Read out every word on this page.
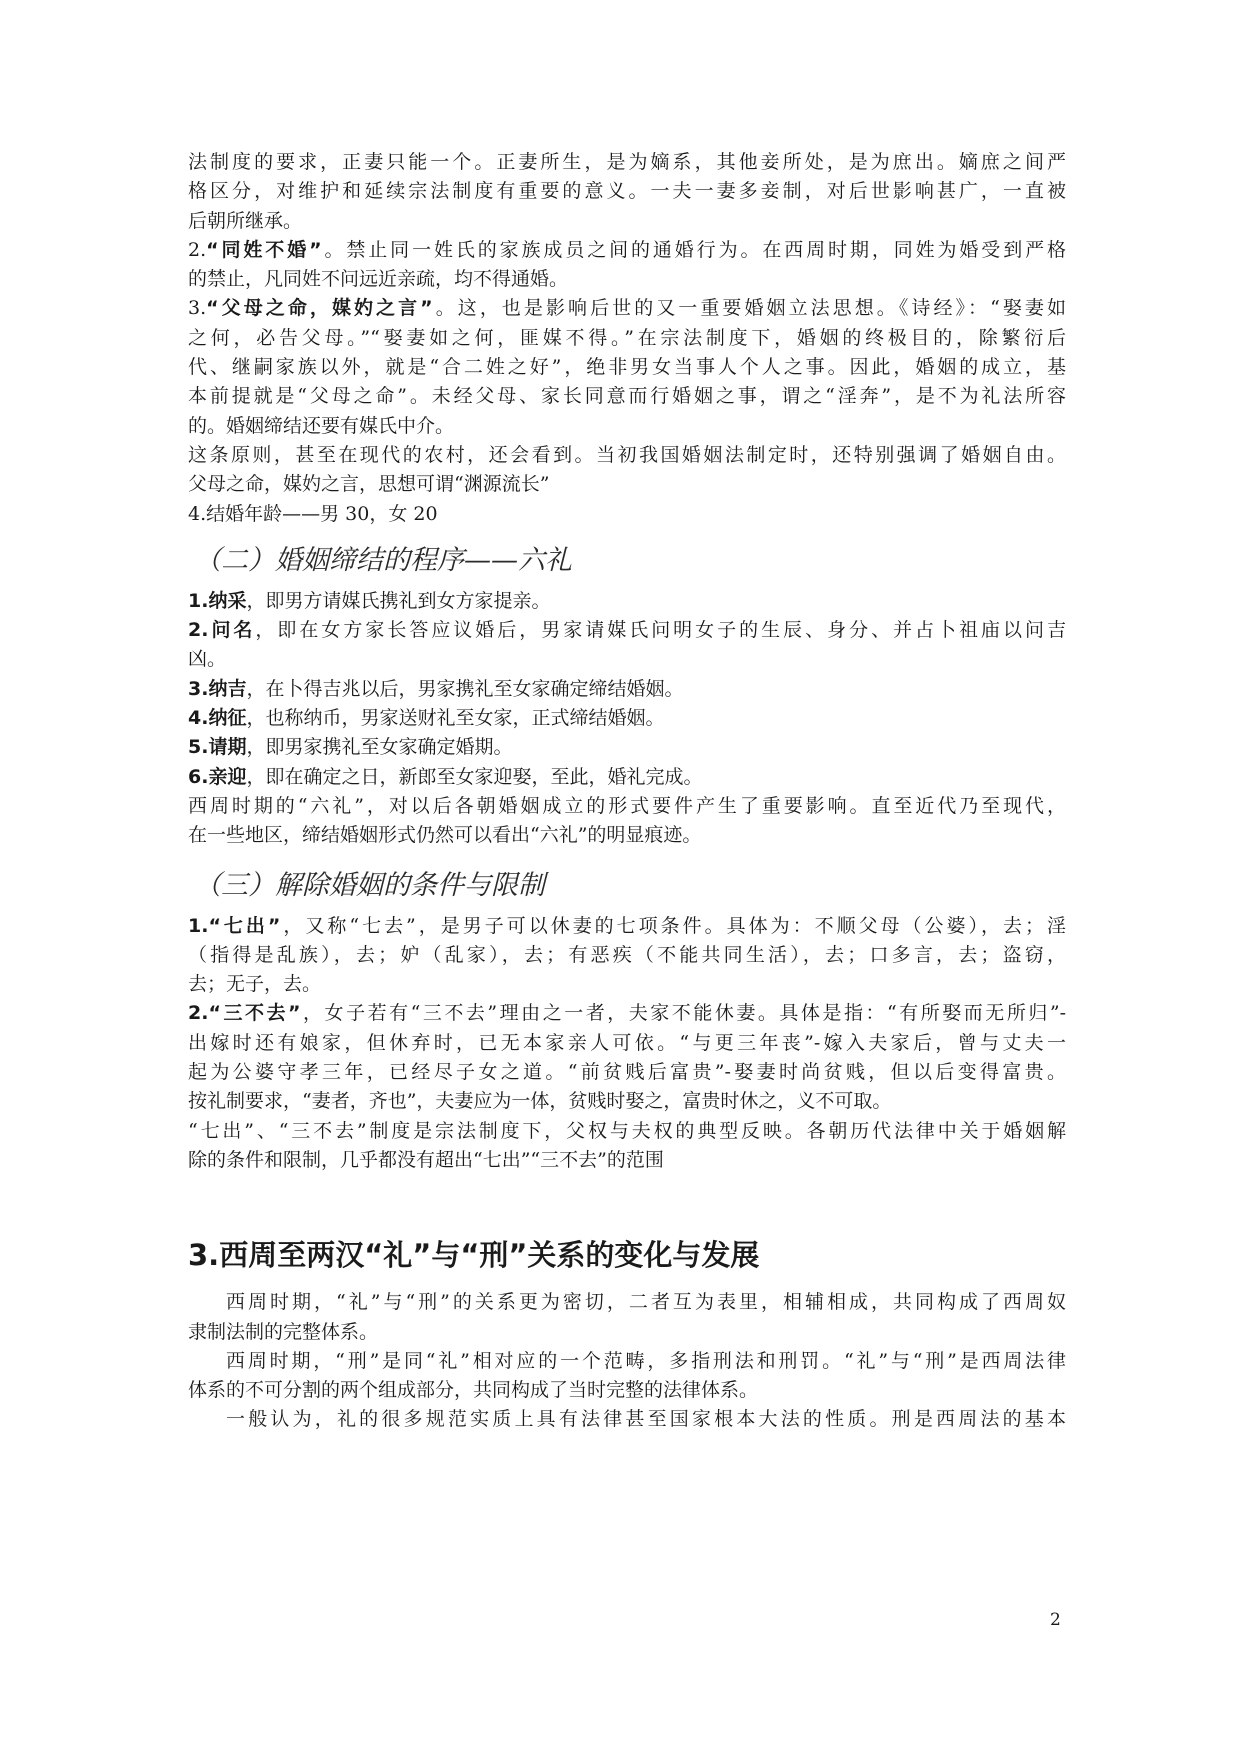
法制度的要求，正妻只能一个。正妻所生，是为嫡系，其他妾所处，是为庶出。嫡庶之间严

格区分，对维护和延续宗法制度有重要的意义。一夫一妻多妾制，对后世影响甚广，一直被

后朝所继承。

2.“同姓不婚”。禁止同一姓氏的家族成员之间的通婚行为。在西周时期，同姓为婚受到严格

的禁止，凡同姓不问远近亲疏，均不得通婚。

3.“父母之命，媒妁之言”。这，也是影响后世的又一重要婚姻立法思想。《诗经》：“娶妻如

之何，必告父母。”“娶妻如之何，匪媒不得。”在宗法制度下，婚姻的终极目的，除繁衍后

代、继嗣家族以外，就是“合二姓之好”，绝非男女当事人个人之事。因此，婚姻的成立，基

本前提就是“父母之命”。未经父母、家长同意而行婚姻之事，谓之“淫奔”，是不为礼法所容

的。婚姻缔结还要有媒氏中介。

这条原则，甚至在现代的农村，还会看到。当初我国婚姻法制定时，还特别强调了婚姻自由。

父母之命，媒妁之言，思想可谓“渊源流长”

4.结婚年龄——男 30，女 20

（二）婚姻缔结的程序——六礼

1.纳采，即男方请媒氏携礼到女方家提亲。

2.问名，即在女方家长答应议婚后，男家请媒氏问明女子的生辰、身分、并占卜祖庙以问吉

凶。

3.纳吉，在卜得吉兆以后，男家携礼至女家确定缔结婚姻。

4.纳征，也称纳币，男家送财礼至女家，正式缔结婚姻。

5.请期，即男家携礼至女家确定婚期。

6.亲迎，即在确定之日，新郎至女家迎娶，至此，婚礼完成。

西周时期的“六礼”，对以后各朝婚姻成立的形式要件产生了重要影响。直至近代乃至现代，

在一些地区，缔结婚姻形式仍然可以看出“六礼”的明显痕迹。

（三）解除婚姻的条件与限制

1.“七出”，又称“七去”，是男子可以休妻的七项条件。具体为：不顺父母（公婆），去；淫

（指得是乱族），去；妒（乱家），去；有恶疾（不能共同生活），去；口多言，去；盗窃，

去；无子，去。

2.“三不去”，女子若有“三不去”理由之一者，夫家不能休妻。具体是指：“有所娶而无所归”-

出嫁时还有娘家，但休弃时，已无本家亲人可依。“与更三年丧”-嫁入夫家后，曾与丈夫一

起为公婆守孝三年，已经尽子女之道。“前贫贱后富贵”-娶妻时尚贫贱，但以后变得富贵。

按礼制要求，“妻者，齐也”，夫妻应为一体，贫贱时娶之，富贵时休之，义不可取。

“七出”、“三不去”制度是宗法制度下，父权与夫权的典型反映。各朝历代法律中关于婚姻解

除的条件和限制，几乎都没有超出“七出”“三不去”的范围

3.西周至两汉“礼”与“刑”关系的变化与发展

西周时期，“礼”与“刑”的关系更为密切，二者互为表里，相辅相成，共同构成了西周奴

隶制法制的完整体系。

西周时期，“刑”是同“礼”相对应的一个范畴，多指刑法和刑罚。“礼”与“刑”是西周法律

体系的不可分割的两个组成部分，共同构成了当时完整的法律体系。

一般认为，礼的很多规范实质上具有法律甚至国家根本大法的性质。刑是西周法的基本

2
